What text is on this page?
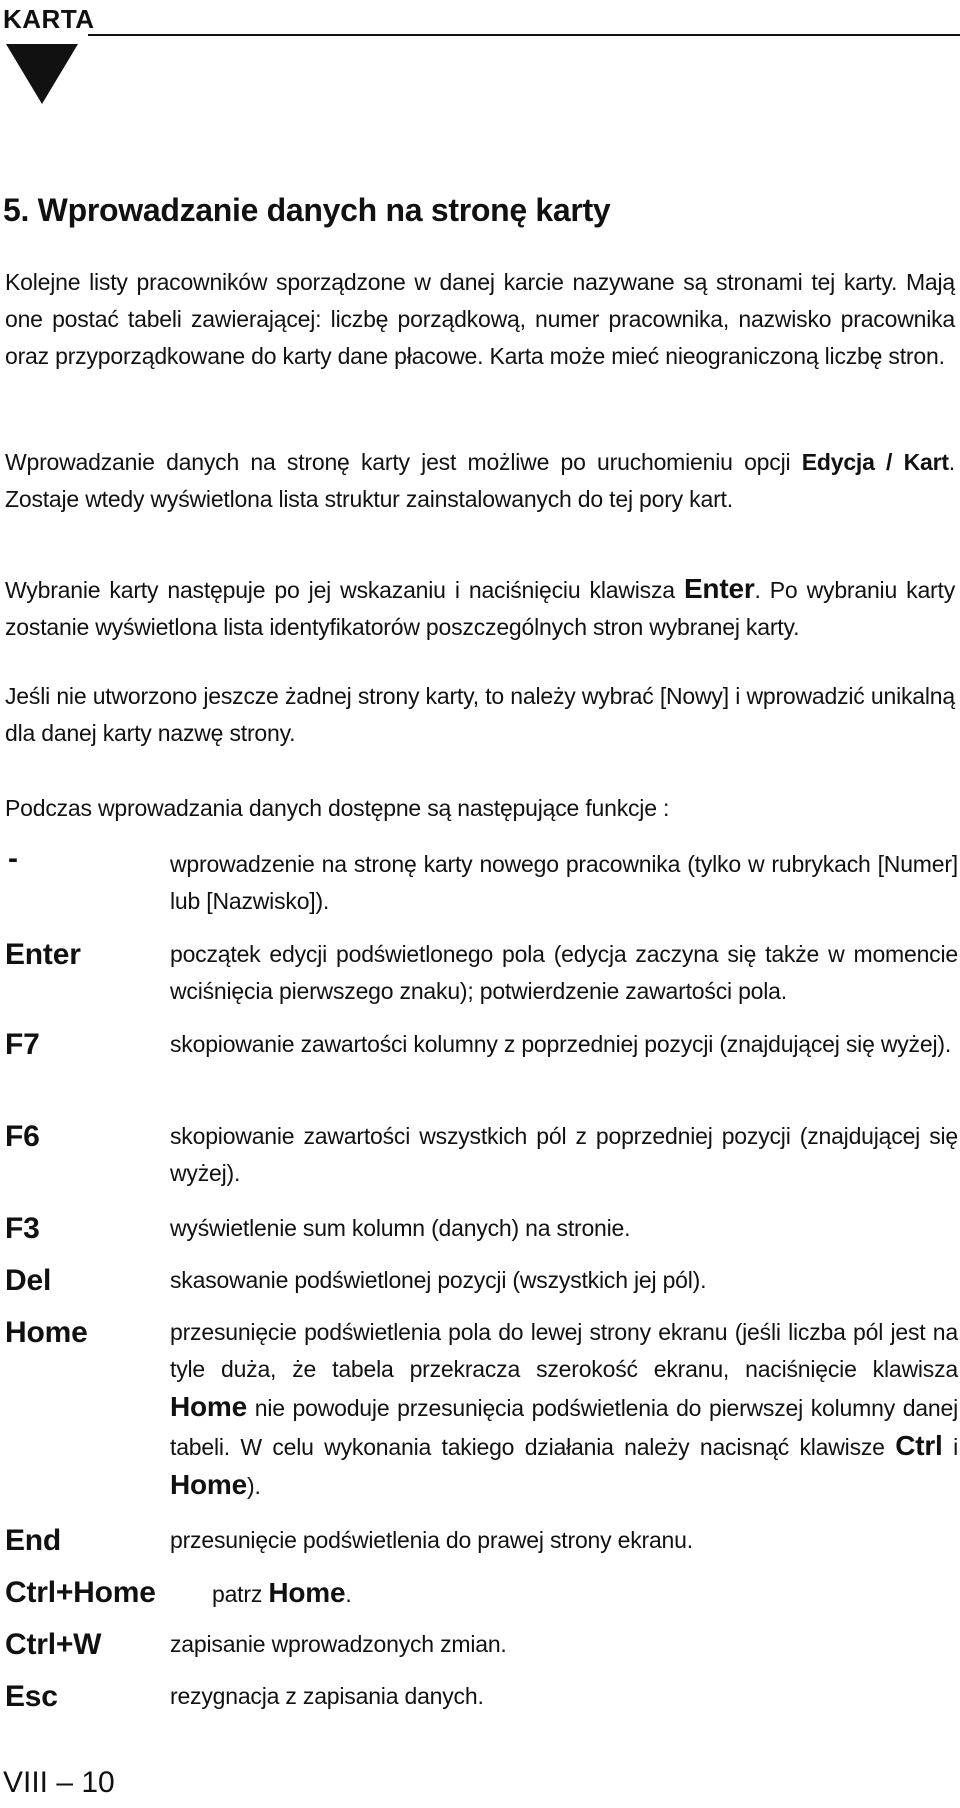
KARTA
5. Wprowadzanie danych na stronę karty

Kolejne listy pracowników sporządzone w danej karcie nazywane są stronami tej karty. Mają one postać tabeli zawierającej: liczbę porządkową, numer pracownika, nazwisko pracownika oraz przyporządkowane do karty dane płacowe. Karta może mieć nieograniczoną liczbę stron.

Wprowadzanie danych na stronę karty jest możliwe po uruchomieniu opcji Edycja / Kart. Zostaje wtedy wyświetlona lista struktur zainstalowanych do tej pory kart.

Wybranie karty następuje po jej wskazaniu i naciśnięciu klawisza Enter. Po wybraniu karty zostanie wyświetlona lista identyfikatorów poszczególnych stron wybranej karty.

Jeśli nie utworzono jeszcze żadnej strony karty, to należy wybrać [Nowy] i wprowadzić unikalną dla danej karty nazwę strony.

Podczas wprowadzania danych dostępne są następujące funkcje :

-	wprowadzenie na stronę karty nowego pracownika (tylko w rubrykach [Numer] lub [Nazwisko]).

Enter	początek edycji podświetlonego pola (edycja zaczyna się także w momencie wciśnięcia pierwszego znaku); potwierdzenie zawartości pola.

F7	skopiowanie zawartości kolumny z poprzedniej pozycji (znajdującej się wyżej).

F6	skopiowanie zawartości wszystkich pól z poprzedniej pozycji (znajdującej się wyżej).

F3	wyświetlenie sum kolumn (danych) na stronie.

Del	skasowanie podświetlonej pozycji (wszystkich jej pól).

Home	przesunięcie podświetlenia pola do lewej strony ekranu (jeśli liczba pól jest na tyle duża, że tabela przekracza szerokość ekranu, naciśnięcie klawisza Home nie powoduje przesunięcia podświetlenia do pierwszej kolumny danej tabeli. W celu wykonania takiego działania należy nacisnąć klawisze Ctrl i Home).

End	przesunięcie podświetlenia do prawej strony ekranu.

Ctrl+Home patrz Home.

Ctrl+W	zapisanie wprowadzonych zmian.

Esc	rezygnacja z zapisania danych.

VIII – 10
